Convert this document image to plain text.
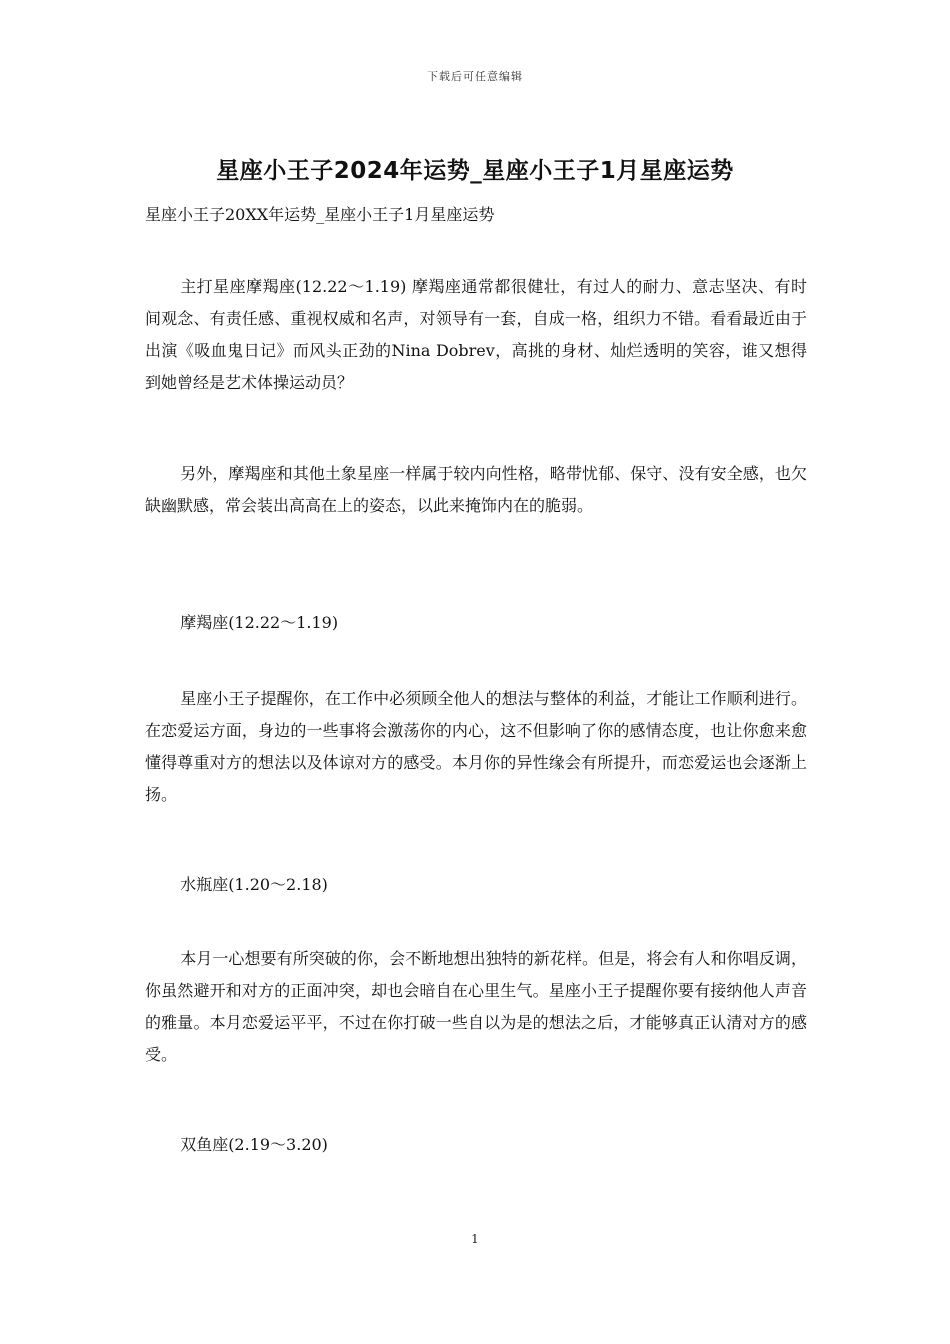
下载后可任意编辑
星座小王子2024年运势_星座小王子1月星座运势

星座小王子20XX年运势_星座小王子1月星座运势

主打星座摩羯座(12.22～1.19) 摩羯座通常都很健壮，有过人的耐力、意志坚决、有时间观念、有责任感、重视权威和名声，对领导有一套，自成一格，组织力不错。看看最近由于出演《吸血鬼日记》而风头正劲的Nina Dobrev，高挑的身材、灿烂透明的笑容，谁又想得到她曾经是艺术体操运动员？

另外，摩羯座和其他土象星座一样属于较内向性格，略带忧郁、保守、没有安全感，也欠缺幽默感，常会装出高高在上的姿态，以此来掩饰内在的脆弱。

摩羯座(12.22～1.19)

星座小王子提醒你，在工作中必须顾全他人的想法与整体的利益，才能让工作顺利进行。在恋爱运方面，身边的一些事将会激荡你的内心，这不但影响了你的感情态度，也让你愈来愈懂得尊重对方的想法以及体谅对方的感受。本月你的异性缘会有所提升，而恋爱运也会逐渐上扬。

水瓶座(1.20～2.18)

本月一心想要有所突破的你，会不断地想出独特的新花样。但是，将会有人和你唱反调，你虽然避开和对方的正面冲突，却也会暗自在心里生气。星座小王子提醒你要有接纳他人声音的雅量。本月恋爱运平平，不过在你打破一些自以为是的想法之后，才能够真正认清对方的感受。

双鱼座(2.19～3.20)

1
